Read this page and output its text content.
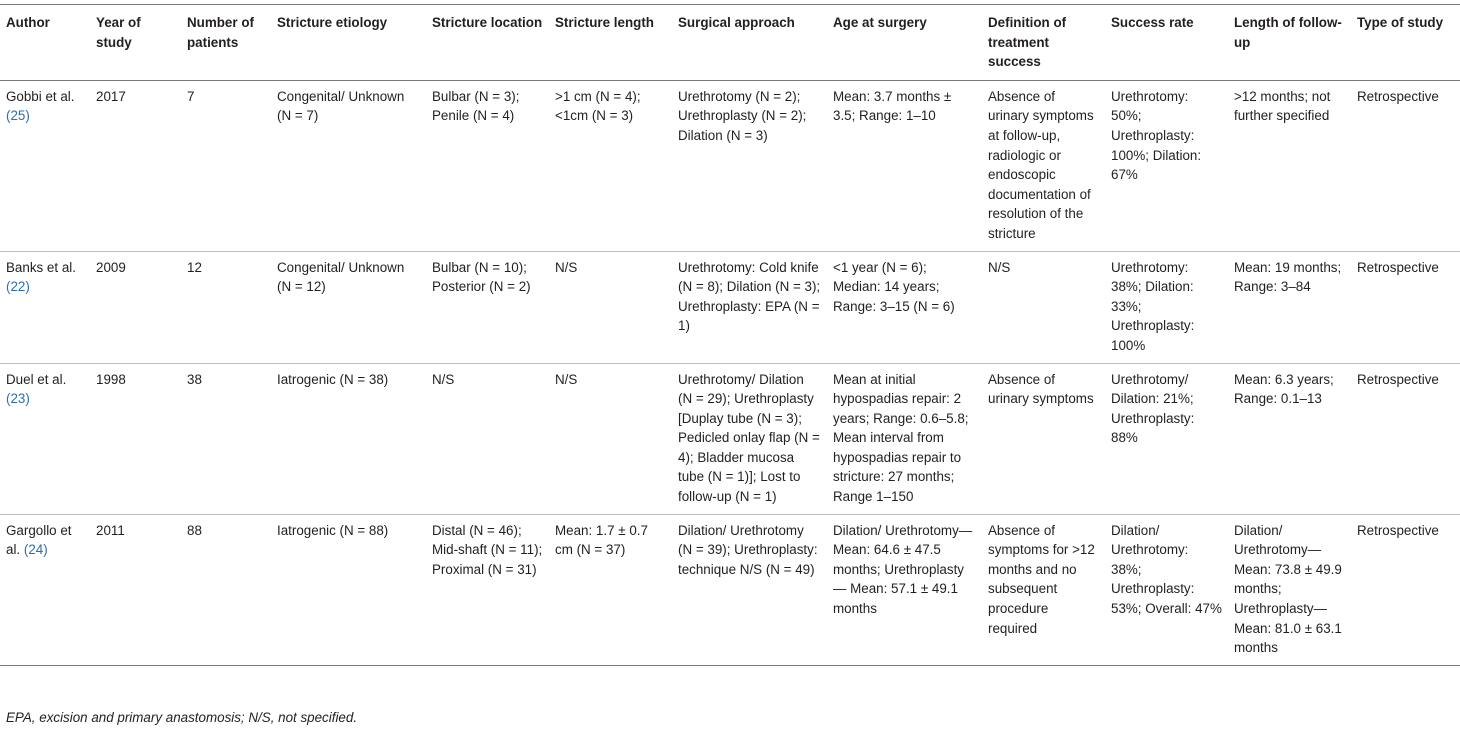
Author	Year of study	Number of patients	Stricture etiology	Stricture location	Stricture length	Surgical approach	Age at surgery	Definition of treatment success	Success rate	Length of follow-up	Type of study
Gobbi et al. (25)	2017	7	Congenital/ Unknown (N = 7)	Bulbar (N = 3); Penile (N = 4)	>1 cm (N = 4); <1cm (N = 3)	Urethrotomy (N = 2); Urethroplasty (N = 2); Dilation (N = 3)	Mean: 3.7 months ± 3.5; Range: 1–10	Absence of urinary symptoms at follow-up, radiologic or endoscopic documentation of resolution of the stricture	Urethrotomy: 50%; Urethroplasty: 100%; Dilation: 67%	>12 months; not further specified	Retrospective
Banks et al. (22)	2009	12	Congenital/ Unknown (N = 12)	Bulbar (N = 10); Posterior (N = 2)	N/S	Urethrotomy: Cold knife (N = 8); Dilation (N = 3); Urethroplasty: EPA (N = 1)	<1 year (N = 6); Median: 14 years; Range: 3–15 (N = 6)	N/S	Urethrotomy: 38%; Dilation: 33%; Urethroplasty: 100%	Mean: 19 months; Range: 3–84	Retrospective
Duel et al. (23)	1998	38	Iatrogenic (N = 38)	N/S	N/S	Urethrotomy/ Dilation (N = 29); Urethroplasty [Duplay tube (N = 3); Pedicled onlay flap (N = 4); Bladder mucosa tube (N = 1)]; Lost to follow-up (N = 1)	Mean at initial hypospadias repair: 2 years; Range: 0.6–5.8; Mean interval from hypospadias repair to stricture: 27 months; Range 1–150	Absence of urinary symptoms	Urethrotomy/ Dilation: 21%; Urethroplasty: 88%	Mean: 6.3 years; Range: 0.1–13	Retrospective
Gargollo et al. (24)	2011	88	Iatrogenic (N = 88)	Distal (N = 46); Mid-shaft (N = 11); Proximal (N = 31)	Mean: 1.7 ± 0.7 cm (N = 37)	Dilation/ Urethrotomy (N = 39); Urethroplasty: technique N/S (N = 49)	Dilation/ Urethrotomy— Mean: 64.6 ± 47.5 months; Urethroplasty— Mean: 57.1 ± 49.1 months	Absence of symptoms for >12 months and no subsequent procedure required	Dilation/ Urethrotomy: 38%; Urethroplasty: 53%; Overall: 47%	Dilation/ Urethrotomy— Mean: 73.8 ± 49.9 months; Urethroplasty— Mean: 81.0 ± 63.1 months	Retrospective
EPA, excision and primary anastomosis; N/S, not specified.
